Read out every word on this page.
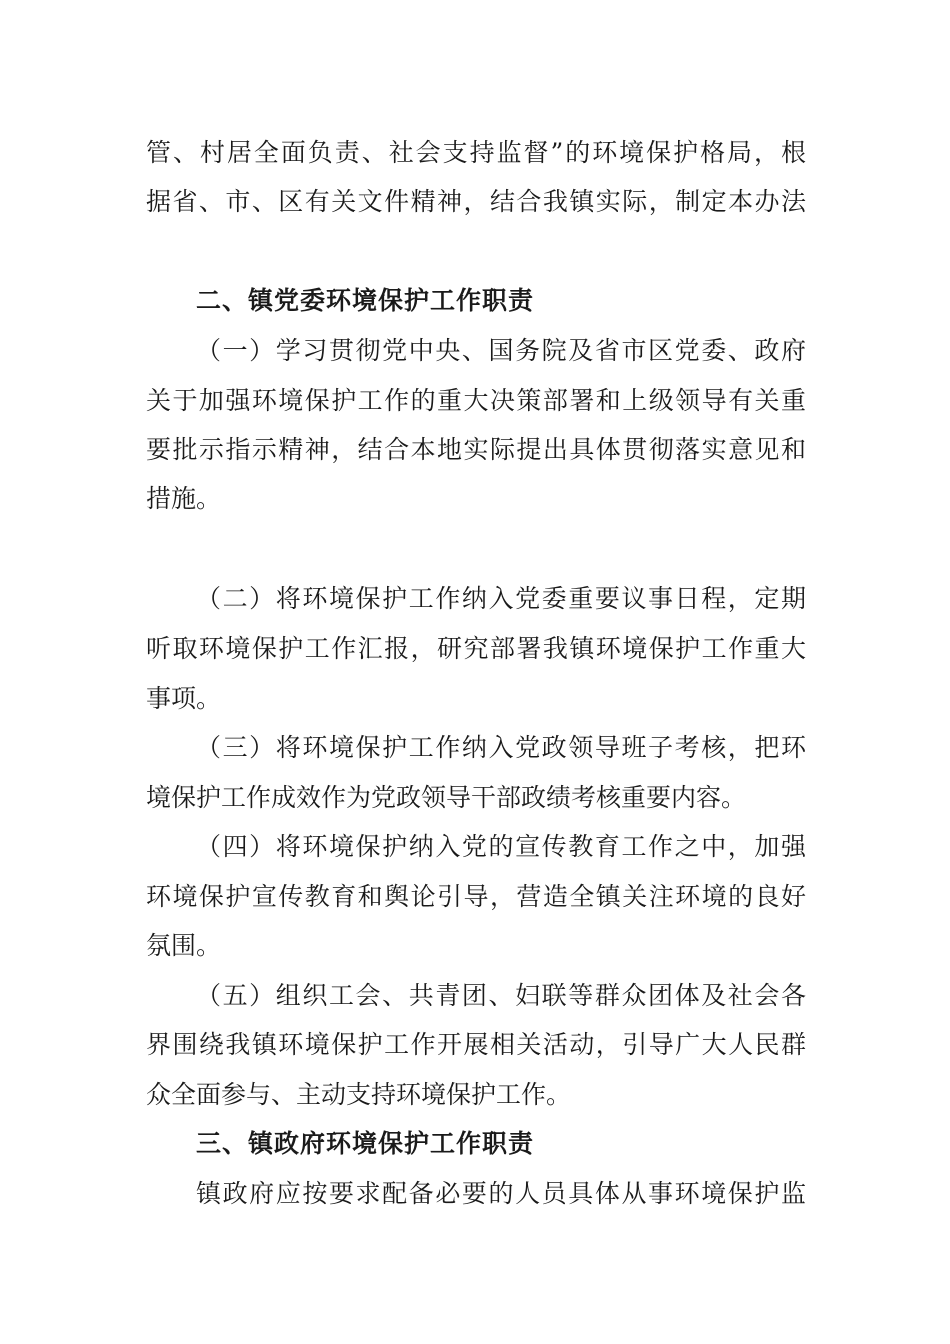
管、村居全面负责、社会支持监督”的环境保护格局，根
据省、市、区有关文件精神，结合我镇实际，制定本办法
二、镇党委环境保护工作职责
（一）学习贯彻党中央、国务院及省市区党委、政府
关于加强环境保护工作的重大决策部署和上级领导有关重
要批示指示精神，结合本地实际提出具体贯彻落实意见和
措施。
（二）将环境保护工作纳入党委重要议事日程，定期
听取环境保护工作汇报，研究部署我镇环境保护工作重大
事项。
（三）将环境保护工作纳入党政领导班子考核，把环
境保护工作成效作为党政领导干部政绩考核重要内容。
（四）将环境保护纳入党的宣传教育工作之中，加强
环境保护宣传教育和舆论引导，营造全镇关注环境的良好
氛围。
（五）组织工会、共青团、妇联等群众团体及社会各
界围绕我镇环境保护工作开展相关活动，引导广大人民群
众全面参与、主动支持环境保护工作。
三、镇政府环境保护工作职责
镇政府应按要求配备必要的人员具体从事环境保护监
